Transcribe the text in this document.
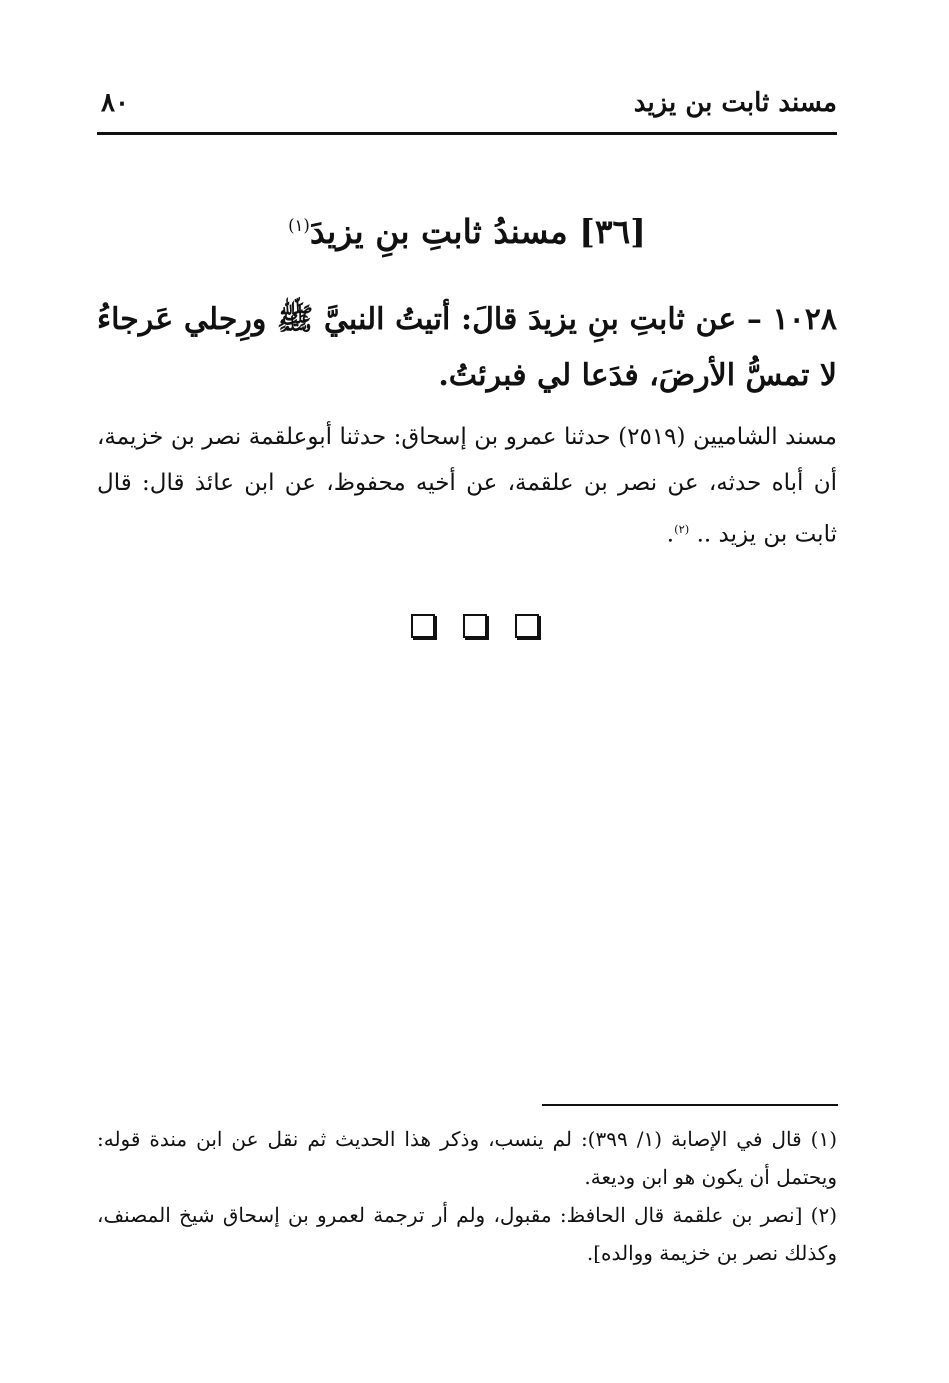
مسند ثابت بن يزيد
٨٠
[٣٦] مسندُ ثابتِ بنِ يزيدَ$^{(١)}$
١٠٢٨ – عن ثابتِ بنِ يزيدَ قالَ: أتيتُ النبيَّ ﷺ ورِجلي عَرجاءُ لا تمسُّ الأرضَ، فدَعا لي فبرئتُ.
مسند الشاميين (٢٥١٩) حدثنا عمرو بن إسحاق: حدثنا أبوعلقمة نصر بن خزيمة، أن أباه حدثه، عن نصر بن علقمة، عن أخيه محفوظ، عن ابن عائذ قال: قال ثابت بن يزيد .. $^{(٢)}$.

(١) قال في الإصابة (١/ ٣٩٩): لم ينسب، وذكر هذا الحديث ثم نقل عن ابن مندة قوله: ويحتمل أن يكون هو ابن وديعة.

(٢) [نصر بن علقمة قال الحافظ: مقبول، ولم أر ترجمة لعمرو بن إسحاق شيخ المصنف، وكذلك نصر بن خزيمة ووالده].
